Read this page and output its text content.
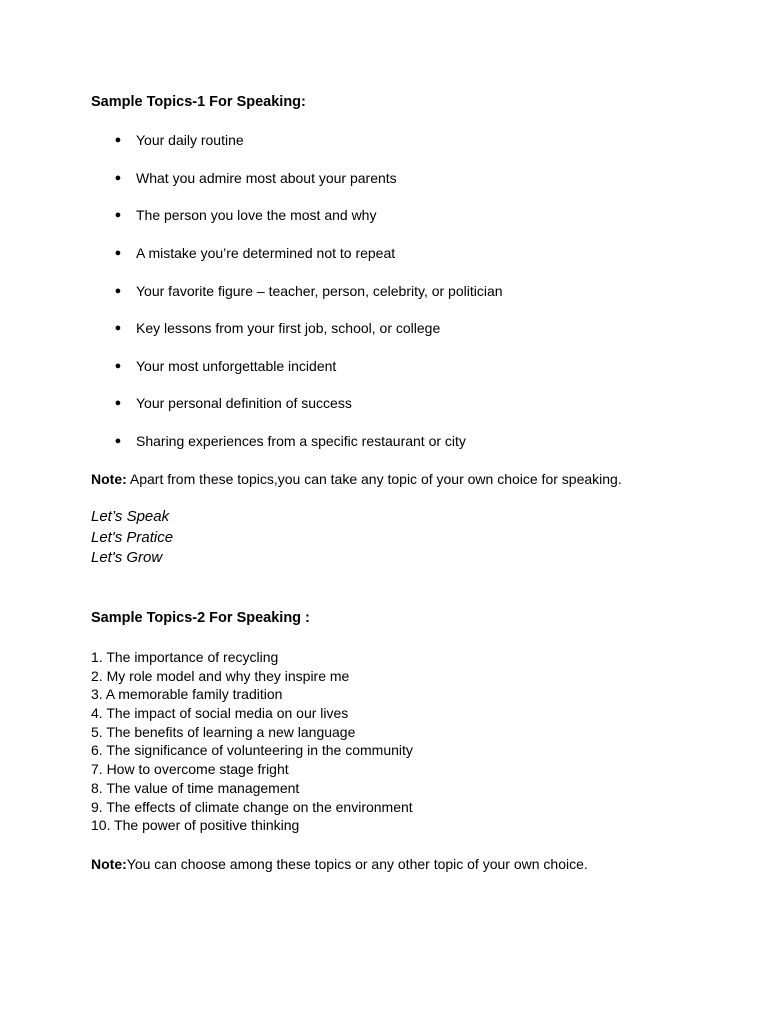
Sample Topics-1 For Speaking:
● Your daily routine
● What you admire most about your parents
● The person you love the most and why
● A mistake you’re determined not to repeat
● Your favorite figure – teacher, person, celebrity, or politician
● Key lessons from your first job, school, or college
● Your most unforgettable incident
● Your personal definition of success
● Sharing experiences from a specific restaurant or city
Note: Apart from these topics,you can take any topic of your own choice for speaking.
Let’s Speak
Let's Pratice
Let's Grow
Sample Topics-2 For Speaking :
1. The importance of recycling
2. My role model and why they inspire me
3. A memorable family tradition
4. The impact of social media on our lives
5. The benefits of learning a new language
6. The significance of volunteering in the community
7. How to overcome stage fright
8. The value of time management
9. The effects of climate change on the environment
10. The power of positive thinking
Note:You can choose among these topics or any other topic of your own choice.
